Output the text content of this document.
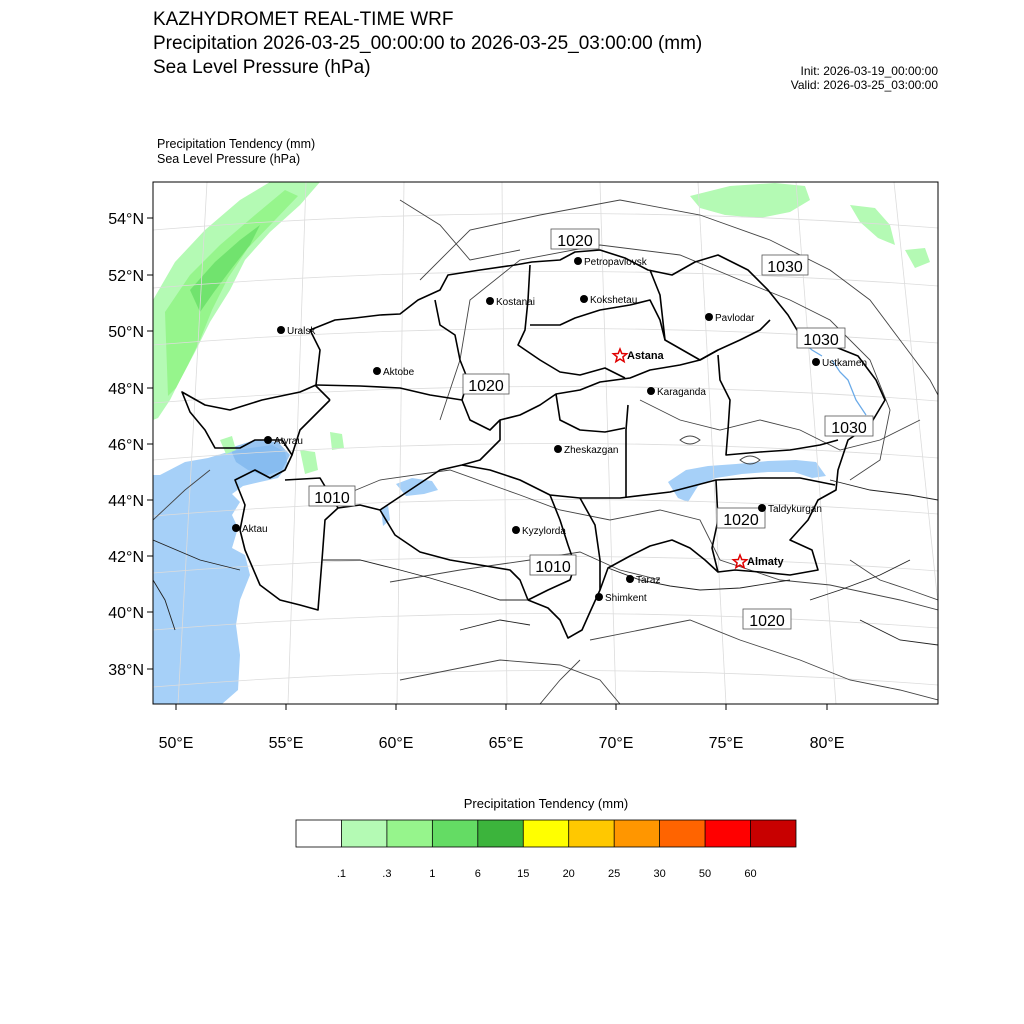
KAZHYDROMET REAL-TIME WRF
Precipitation 2026-03-25_00:00:00 to 2026-03-25_03:00:00 (mm)
Sea Level Pressure (hPa)	Init: 2026-03-19_00:00:00
Valid: 2026-03-25_03:00:00
Precipitation Tendency (mm)
Sea Level Pressure (hPa)
54°N
52°N
50°N
48°N
46°N
44°N
42°N
40°N
38°N
50°E	55°E	60°E	65°E	70°E	75°E	80°E
1020
1030
1030
1020
1030
1010
1020
1010
1020
Petropavlovsk
Kostanai	Kokshetau
Uralsk
Pavlodar
Aktobe
Ustkamen
Karaganda
Atyrau
Zheskazgan
Aktau	Kyzylorda
Taldykurgan
Taraz
Shimkent
Astana
Almaty
.1	.3	1	6	15	20	25	30	50	60
Precipitation Tendency (mm)
